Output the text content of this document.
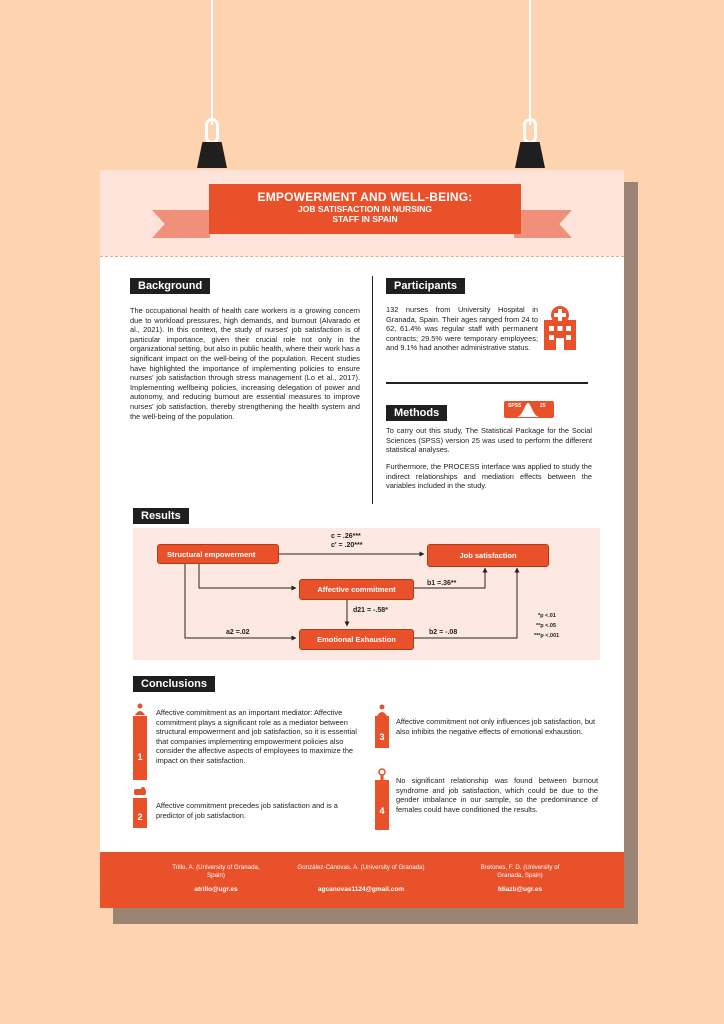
EMPOWERMENT AND WELL-BEING:
JOB SATISFACTION IN NURSING
STAFF IN SPAIN
Background
The occupational health of health care workers is a growing concern due to workload pressures, high demands, and burnout (Alvarado et al., 2021). In this context, the study of nurses' job satisfaction is of particular importance, given their crucial role not only in the organizational setting, but also in public health, where their work has a significant impact on the well-being of the population. Recent studies have highlighted the importance of implementing policies to ensure nurses' job satisfaction through stress management (Lo et al., 2017). Implementing wellbeing policies, increasing delegation of power and autonomy, and reducing burnout are essential measures to improve nurses' job satisfaction, thereby strengthening the health system and the well-being of the population.
Participants
132 nurses from University Hospital in Granada, Spain. Their ages ranged from 24 to 62, 61.4% was regular staff with permanent contracts; 29.5% were temporary employees; and 9.1% had another administrative status.
Methods
SPSS	25
To carry out this study, The Statistical Package for the Social Sciences (SPSS) version 25 was used to perform the different statistical analyses.
Furthermore, the PROCESS interface was applied to study the indirect relationships and mediation effects between the variables included in the study.
Results
Structural empowerment	Job satisfaction
Affective commitment
Emotional Exhaustion
c = .26***
c' = .20***
b1 =.36**
d21 = -.58*
a2 =.02	b2 = -.08
*p <.01
**p <.05
***p <.001
Conclusions
1
Affective commitment as an important mediator: Affective commitment plays a significant role as a mediator between structural empowerment and job satisfaction, so it is essential that companies implementing empowerment policies also consider the affective aspects of employees to maximize the impact on their satisfaction.
2
Affective commitment precedes job satisfaction and is a predictor of job satisfaction.
3
Affective commitment not only influences job satisfaction, but also inhibits the negative effects of emotional exhaustion.
4
No significant relationship was found between burnout syndrome and job satisfaction, which could be due to the gender imbalance in our sample, so the predominance of females could have conditioned the results.
Trillo, A. (University of Granada, Spain)
atrillo@ugr.es
González-Cánovas, A. (University of Granada)
agcanovas1124@gmail.com
Bretones, F. D. (University of Granada, Spain)
fdiazb@ugr.es
